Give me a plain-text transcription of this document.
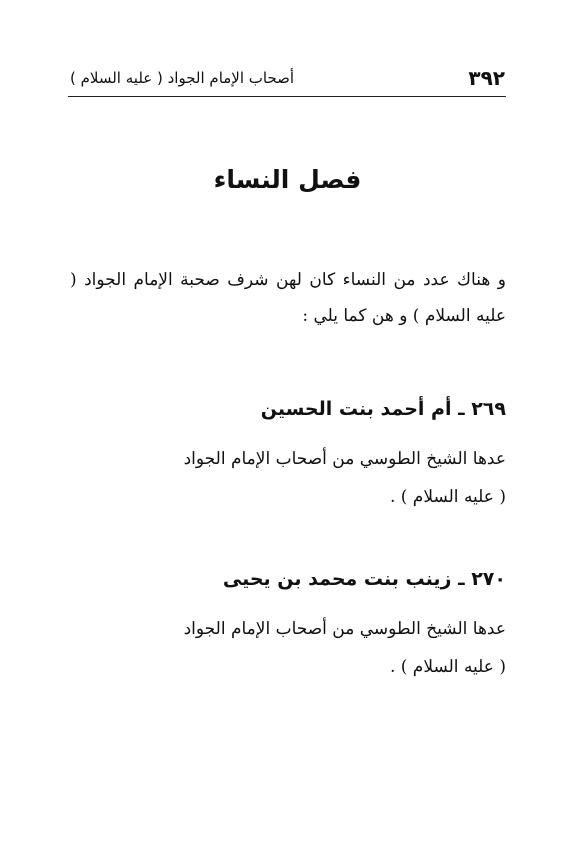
٣٩٢
أصحاب الإمام الجواد ( عليه السلام )
فصل النساء

و هناك عدد من النساء كان لهن شرف صحبة الإمام الجواد ( عليه السلام ) و هن كما يلي :

٢٦٩ ـ أم أحمد بنت الحسين
عدها الشيخ الطوسي من أصحاب الإمام الجواد
( عليه السلام ) .
٢٧٠ ـ زينب بنت محمد بن يحيى
عدها الشيخ الطوسي من أصحاب الإمام الجواد
( عليه السلام ) .
